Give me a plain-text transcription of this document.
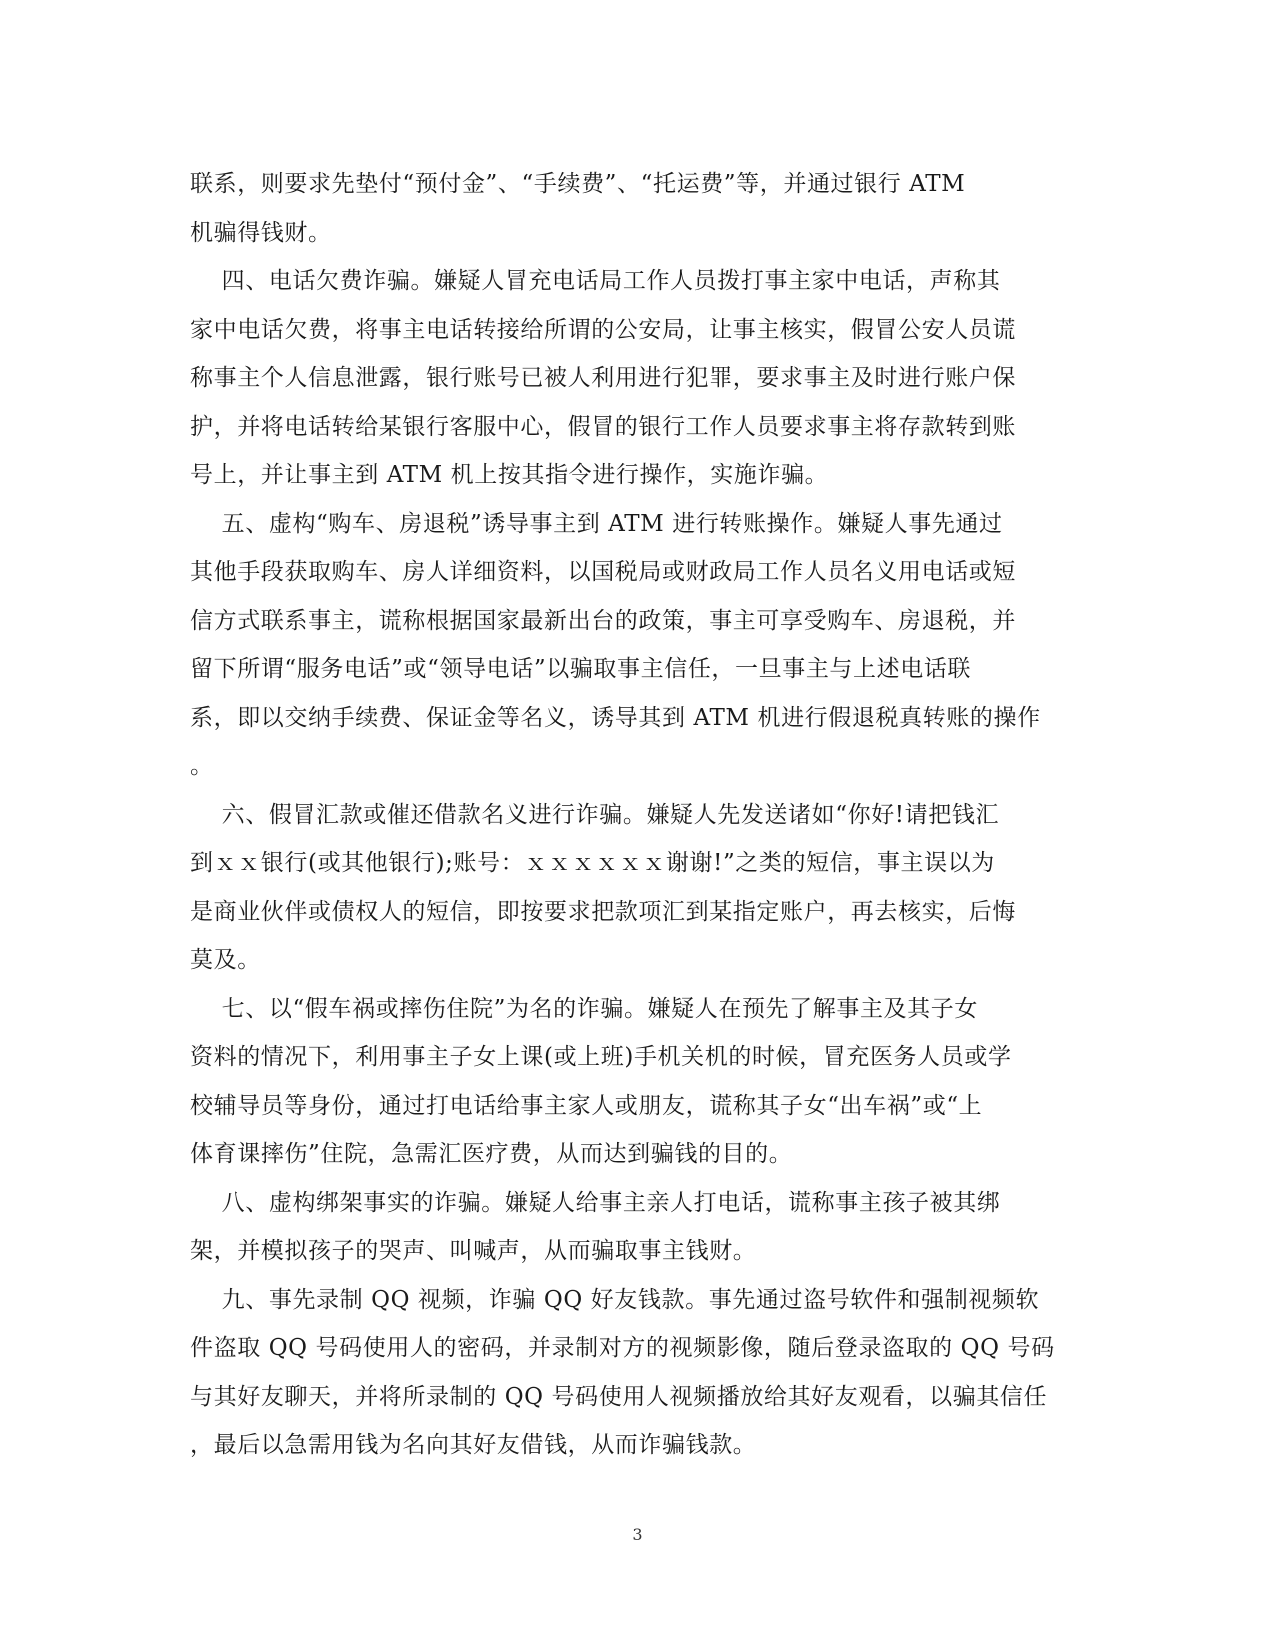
联系，则要求先垫付“预付金”、“手续费”、“托运费”等，并通过银行 ATM
机骗得钱财。
四、电话欠费诈骗。嫌疑人冒充电话局工作人员拨打事主家中电话，声称其
家中电话欠费，将事主电话转接给所谓的公安局，让事主核实，假冒公安人员谎
称事主个人信息泄露，银行账号已被人利用进行犯罪，要求事主及时进行账户保
护，并将电话转给某银行客服中心，假冒的银行工作人员要求事主将存款转到账
号上，并让事主到 ATM 机上按其指令进行操作，实施诈骗。
五、虚构“购车、房退税”诱导事主到 ATM 进行转账操作。嫌疑人事先通过
其他手段获取购车、房人详细资料，以国税局或财政局工作人员名义用电话或短
信方式联系事主，谎称根据国家最新出台的政策，事主可享受购车、房退税，并
留下所谓“服务电话”或“领导电话”以骗取事主信任，一旦事主与上述电话联
系，即以交纳手续费、保证金等名义，诱导其到 ATM 机进行假退税真转账的操作
。
六、假冒汇款或催还借款名义进行诈骗。嫌疑人先发送诸如“你好!请把钱汇
到ｘｘ银行(或其他银行);账号：ｘｘｘｘｘｘ谢谢!”之类的短信，事主误以为
是商业伙伴或债权人的短信，即按要求把款项汇到某指定账户，再去核实，后悔
莫及。
七、以“假车祸或摔伤住院”为名的诈骗。嫌疑人在预先了解事主及其子女
资料的情况下，利用事主子女上课(或上班)手机关机的时候，冒充医务人员或学
校辅导员等身份，通过打电话给事主家人或朋友，谎称其子女“出车祸”或“上
体育课摔伤”住院，急需汇医疗费，从而达到骗钱的目的。
八、虚构绑架事实的诈骗。嫌疑人给事主亲人打电话，谎称事主孩子被其绑
架，并模拟孩子的哭声、叫喊声，从而骗取事主钱财。
九、事先录制 QQ 视频，诈骗 QQ 好友钱款。事先通过盗号软件和强制视频软
件盗取 QQ 号码使用人的密码，并录制对方的视频影像，随后登录盗取的 QQ 号码
与其好友聊天，并将所录制的 QQ 号码使用人视频播放给其好友观看，以骗其信任
，最后以急需用钱为名向其好友借钱，从而诈骗钱款。
3
